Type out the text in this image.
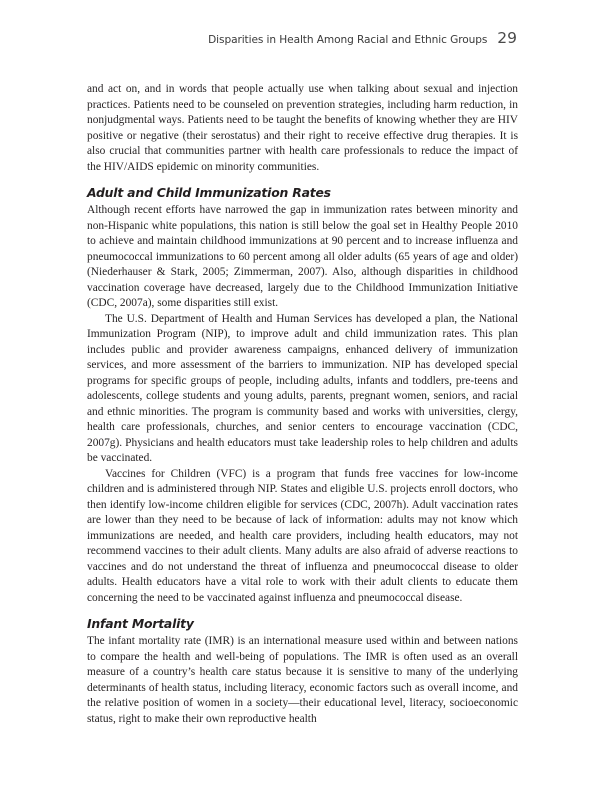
Disparities in Health Among Racial and Ethnic Groups 29

and act on, and in words that people actually use when talking about sexual and injection practices. Patients need to be counseled on prevention strategies, including harm reduction, in nonjudgmental ways. Patients need to be taught the benefits of knowing whether they are HIV positive or negative (their serostatus) and their right to receive effective drug therapies. It is also crucial that communities partner with health care professionals to reduce the impact of the HIV/AIDS epidemic on minority communities.

Adult and Child Immunization Rates

Although recent efforts have narrowed the gap in immunization rates between minority and non-Hispanic white populations, this nation is still below the goal set in Healthy People 2010 to achieve and maintain childhood immunizations at 90 percent and to increase influenza and pneumococcal immunizations to 60 percent among all older adults (65 years of age and older) (Niederhauser & Stark, 2005; Zimmerman, 2007). Also, although disparities in childhood vaccination coverage have decreased, largely due to the Childhood Immunization Initiative (CDC, 2007a), some disparities still exist.

The U.S. Department of Health and Human Services has developed a plan, the National Immunization Program (NIP), to improve adult and child immunization rates. This plan includes public and provider awareness campaigns, enhanced delivery of immunization services, and more assessment of the barriers to immunization. NIP has developed special programs for specific groups of people, including adults, infants and toddlers, pre-teens and adolescents, college students and young adults, parents, pregnant women, seniors, and racial and ethnic minorities. The program is community based and works with universities, clergy, health care professionals, churches, and senior centers to encourage vaccination (CDC, 2007g). Physicians and health educators must take leadership roles to help children and adults be vaccinated.

Vaccines for Children (VFC) is a program that funds free vaccines for low-income children and is administered through NIP. States and eligible U.S. projects enroll doctors, who then identify low-income children eligible for services (CDC, 2007h). Adult vaccination rates are lower than they need to be because of lack of information: adults may not know which immunizations are needed, and health care providers, including health educators, may not recommend vaccines to their adult clients. Many adults are also afraid of adverse reactions to vaccines and do not understand the threat of influenza and pneumococcal disease to older adults. Health educators have a vital role to work with their adult clients to educate them concerning the need to be vaccinated against influenza and pneumococcal disease.

Infant Mortality

The infant mortality rate (IMR) is an international measure used within and between nations to compare the health and well-being of populations. The IMR is often used as an overall measure of a country’s health care status because it is sensitive to many of the underlying determinants of health status, including literacy, economic factors such as overall income, and the relative position of women in a society—their educational level, literacy, socioeconomic status, right to make their own reproductive health
